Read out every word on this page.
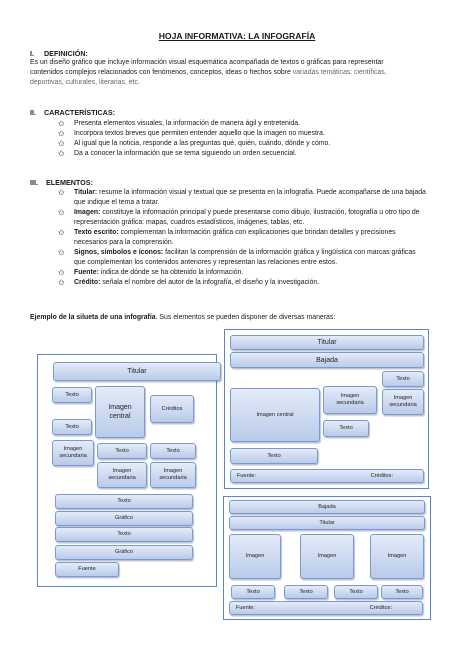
HOJA INFORMATIVA: LA INFOGRAFÍA
I.     DEFINICIÓN:
Es un diseño gráfico que incluye información visual esquemática acompañada de textos o gráficas para representar
contenidos complejos relacionados con fenómenos, conceptos, ideas o hechos sobre variadas temáticas: científicas,
deportivas, culturales, literarias, etc.
II.    CARACTERÍSTICAS:
✩ Presenta elementos visuales, la información de manera ágil y entretenida.
✩ Incorpora textos breves que permiten entender aquello que la imagen no muestra.
✩ Al igual que la noticia, responde a las preguntas qué, quién, cuándo, dónde y cómo.
✩ Da a conocer la información que se tema siguiendo un orden secuencial.
III.    ELEMENTOS:
✩ Titular: resume la información visual y textual que se presenta en la infografía. Puede acompañarse de una bajada
que indique el tema a tratar.
✩ Imagen: constituye la información principal y puede presentarse como dibujo, ilustración, fotografía u otro tipo de
representación gráfica: mapas, cuadros estadísticos, imágenes, tablas, etc.
✩ Texto escrito: complementan la información gráfica con explicaciones que brindan detalles y precisiones
necesarios para la comprensión.
✩ Signos, símbolos e íconos: facilitan la comprensión de la información gráfica y lingüística con marcas gráficas
que complementan los contenidos anteriores y representan las relaciones entre estos.
✩ Fuente: indica de dónde se ha obtenido la información.
✩ Crédito: señala el nombre del autor de la infografía, el diseño y la investigación.
Ejemplo de la silueta de una infografía. Sus elementos se pueden disponer de diversas maneras:
Titular
Texto
Imagen
central
Créditos
Texto
Imagen
secundaria
Texto	Texto
Imagen
secundaria
Imagen
secundaria
Texto
Gráfico
Texto
Gráfico
Fuente
Titular
Bajada
Texto
Imagen central
Imagen
secundaria
Imagen
secundaria
Texto
Texto
Fuente:	Créditos:
Bajada
Titular
Imagen	Imagen	Imagen
Texto	Texto	Texto	Texto
Fuente:	Créditos:
